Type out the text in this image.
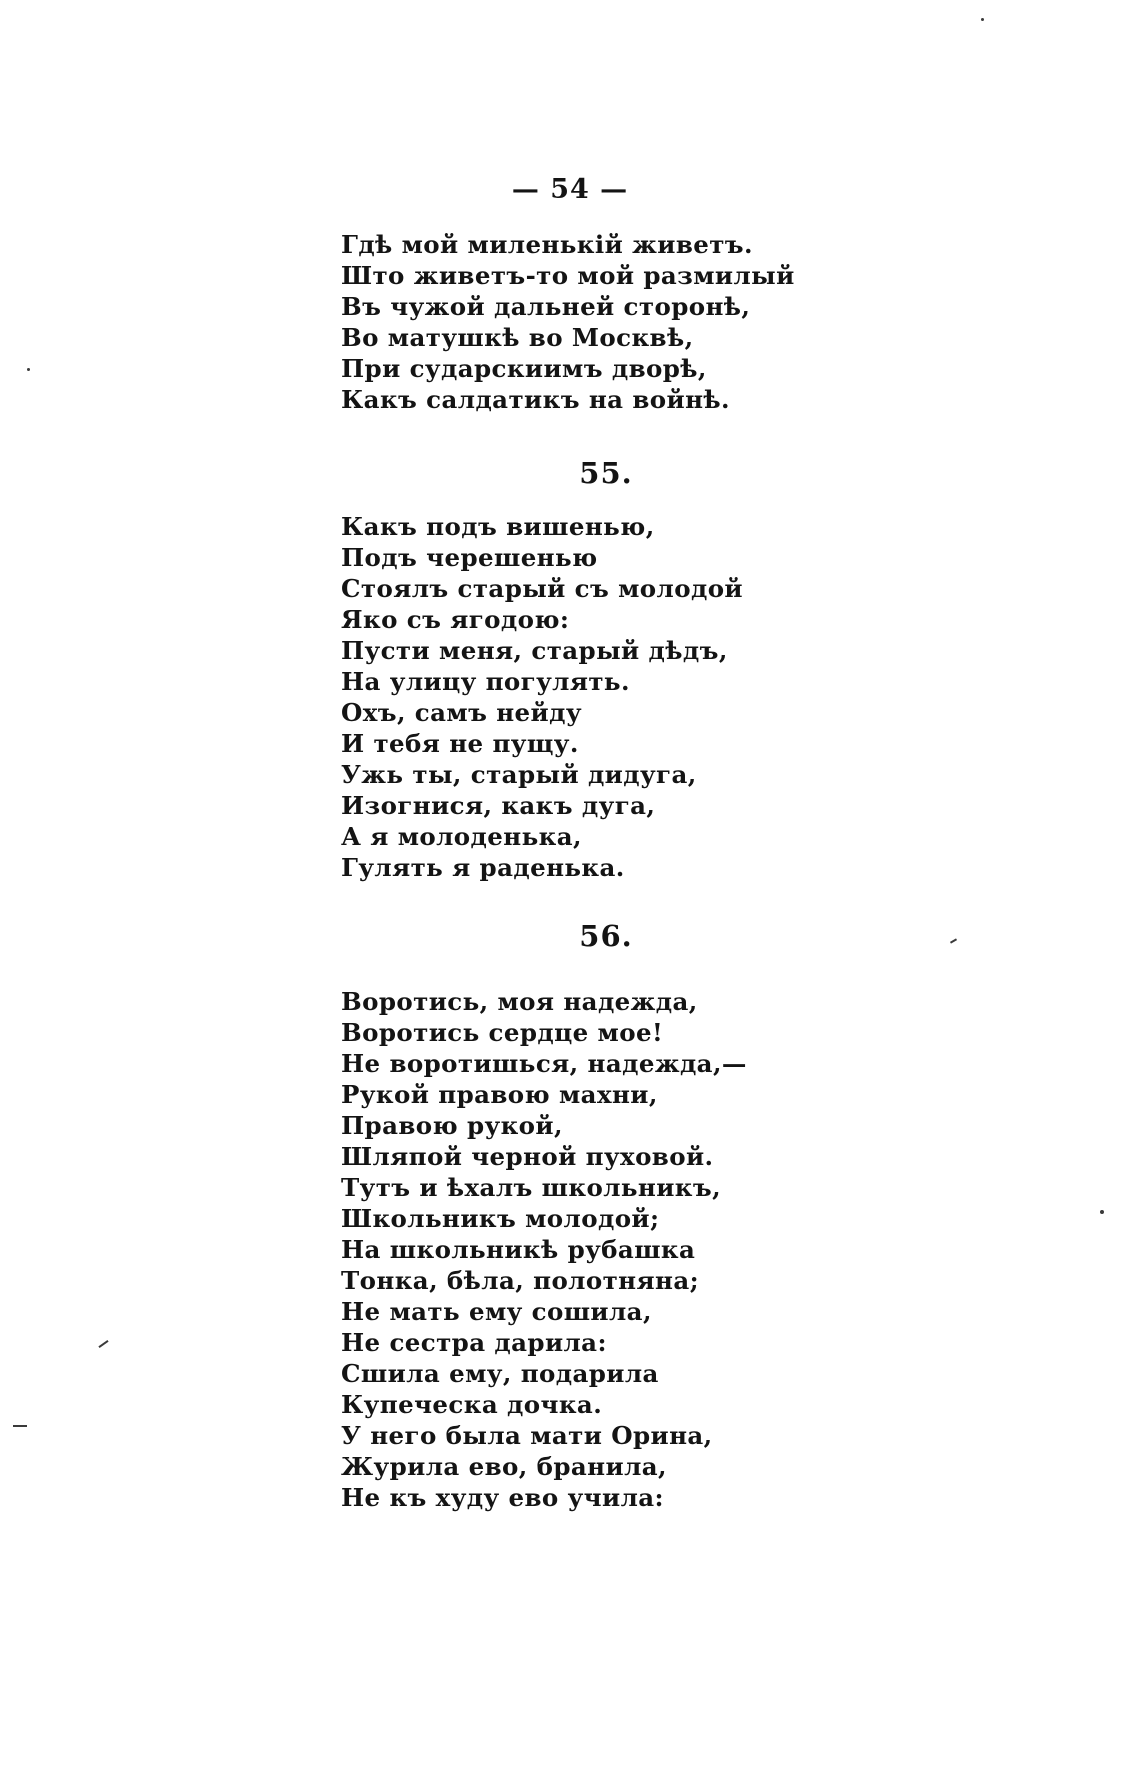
— 54 —
Гдѣ мой миленькій живетъ.
Што живетъ-то мой размилый
Въ чужой дальней сторонѣ,
Во матушкѣ во Москвѣ,
При сударскиимъ дворѣ,
Какъ салдатикъ на войнѣ.
55.
Какъ подъ вишенью,
Подъ черешенью
Стоялъ старый съ молодой
Яко съ ягодою:
Пусти меня, старый дѣдъ,
На улицу погулять.
Охъ, самъ нейду
И тебя не пущу.
Ужь ты, старый дидуга,
Изогнися, какъ дуга,
А я молоденька,
Гулять я раденька.
56.
Воротись, моя надежда,
Воротись сердце мое!
Не воротишься, надежда,—
Рукой правою махни,
Правою рукой,
Шляпой черной пуховой.
Тутъ и ѣхалъ школьникъ,
Школьникъ молодой;
На школьникѣ рубашка
Тонка, бѣла, полотняна;
Не мать ему сошила,
Не сестра дарила:
Сшила ему, подарила
Купеческа дочка.
У него была мати Орина,
Журила ево, бранила,
Не къ худу ево учила:
